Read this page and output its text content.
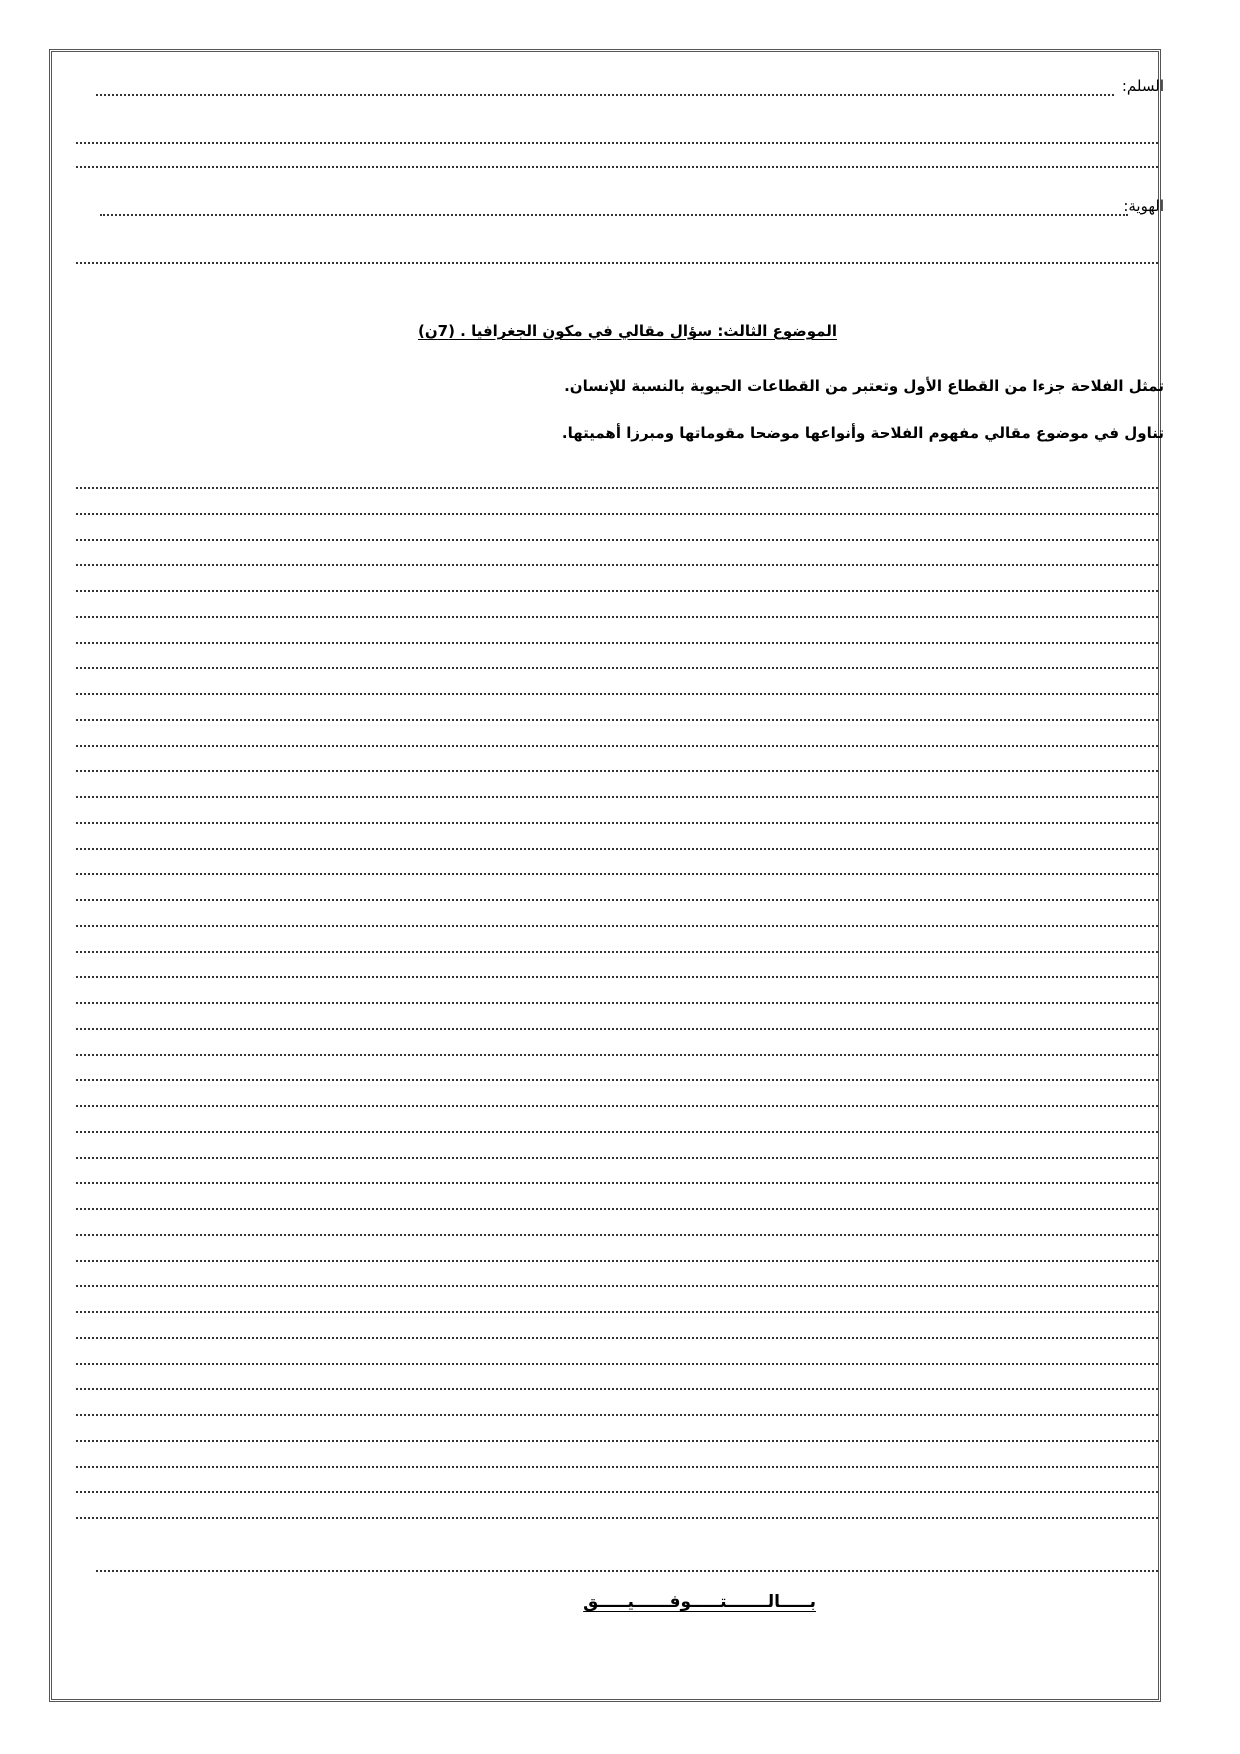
السلم:
الهوية:
الموضوع الثالث: سؤال مقالي في مكون الجغرافيا . (7ن)
تمثل الفلاحة جزءا من القطاع الأول وتعتبر من القطاعات الحيوية بالنسبة للإنسان.
تناول في موضوع مقالي مفهوم الفلاحة وأنواعها موضحا مقوماتها ومبرزا أهميتها.
بـــــالـــــــتـــــوفــــــيـــــق
